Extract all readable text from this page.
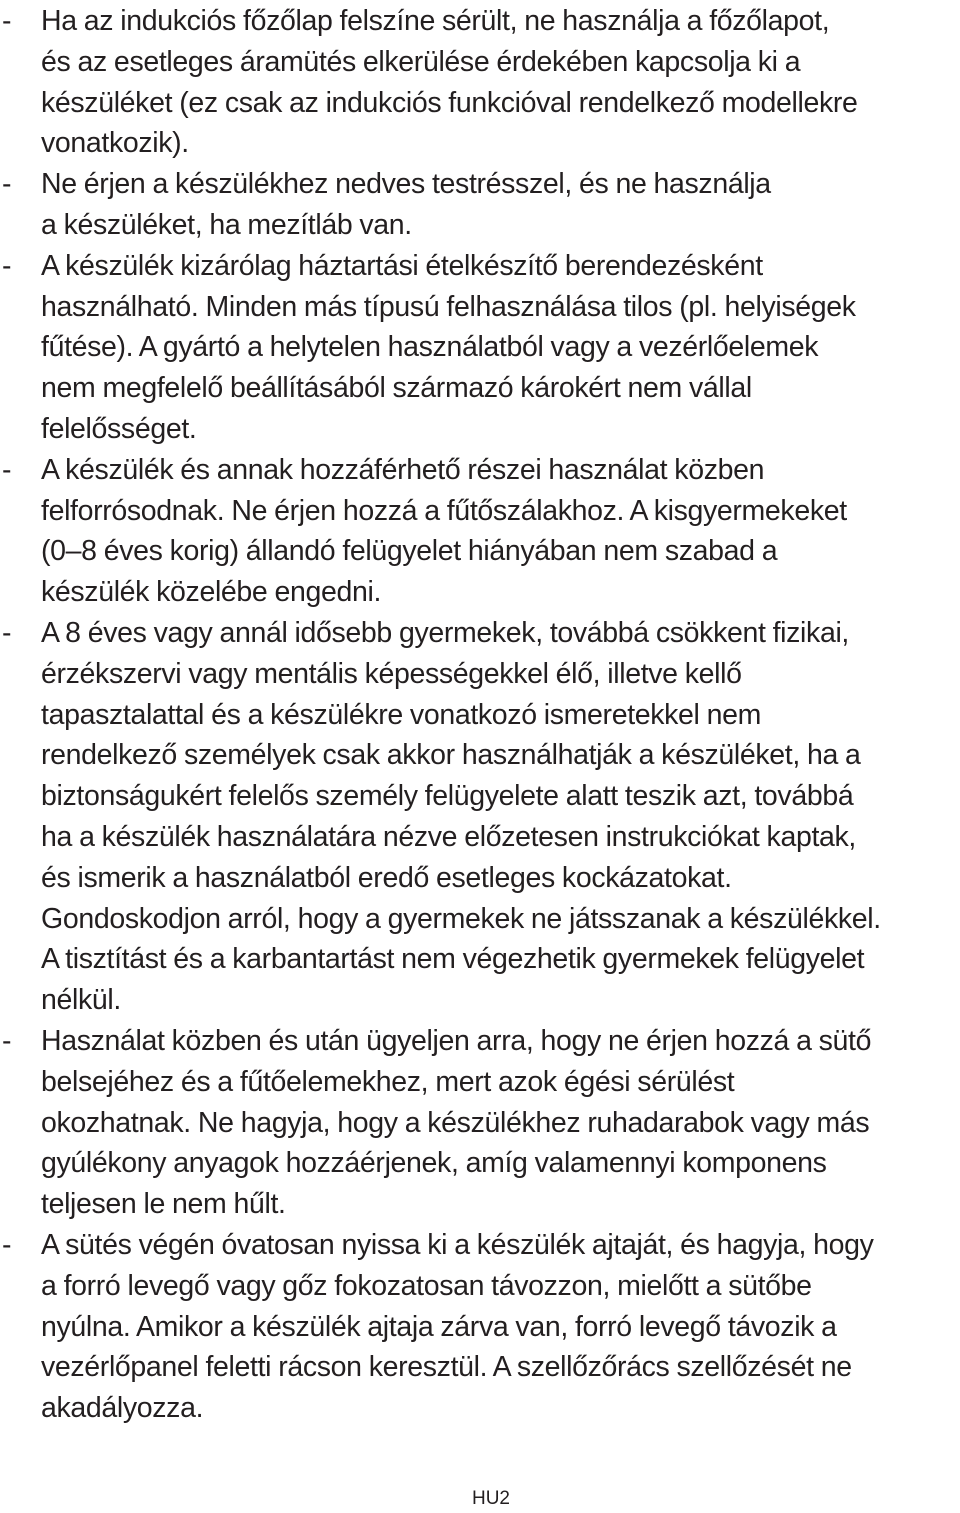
-	Ha az indukciós főzőlap felszíne sérült, ne használja a főzőlapot,
és az esetleges áramütés elkerülése érdekében kapcsolja ki a
készüléket (ez csak az indukciós funkcióval rendelkező modellekre
vonatkozik).
-	Ne érjen a készülékhez nedves testrésszel, és ne használja
a készüléket, ha mezítláb van.
-	A készülék kizárólag háztartási ételkészítő berendezésként
használható. Minden más típusú felhasználása tilos (pl. helyiségek
fűtése). A gyártó a helytelen használatból vagy a vezérlőelemek
nem megfelelő beállításából származó károkért nem vállal
felelősséget.
-	A készülék és annak hozzáférhető részei használat közben
felforrósodnak. Ne érjen hozzá a fűtőszálakhoz. A kisgyermekeket
(0–8 éves korig) állandó felügyelet hiányában nem szabad a
készülék közelébe engedni.
-	A 8 éves vagy annál idősebb gyermekek, továbbá csökkent fizikai,
érzékszervi vagy mentális képességekkel élő, illetve kellő
tapasztalattal és a készülékre vonatkozó ismeretekkel nem
rendelkező személyek csak akkor használhatják a készüléket, ha a
biztonságukért felelős személy felügyelete alatt teszik azt, továbbá
ha a készülék használatára nézve előzetesen instrukciókat kaptak,
és ismerik a használatból eredő esetleges kockázatokat.
Gondoskodjon arról, hogy a gyermekek ne játsszanak a készülékkel.
A tisztítást és a karbantartást nem végezhetik gyermekek felügyelet
nélkül.
-	Használat közben és után ügyeljen arra, hogy ne érjen hozzá a sütő
belsejéhez és a fűtőelemekhez, mert azok égési sérülést
okozhatnak. Ne hagyja, hogy a készülékhez ruhadarabok vagy más
gyúlékony anyagok hozzáérjenek, amíg valamennyi komponens
teljesen le nem hűlt.
-	A sütés végén óvatosan nyissa ki a készülék ajtaját, és hagyja, hogy
a forró levegő vagy gőz fokozatosan távozzon, mielőtt a sütőbe
nyúlna. Amikor a készülék ajtaja zárva van, forró levegő távozik a
vezérlőpanel feletti rácson keresztül. A szellőzőrács szellőzését ne
akadályozza.
HU2
